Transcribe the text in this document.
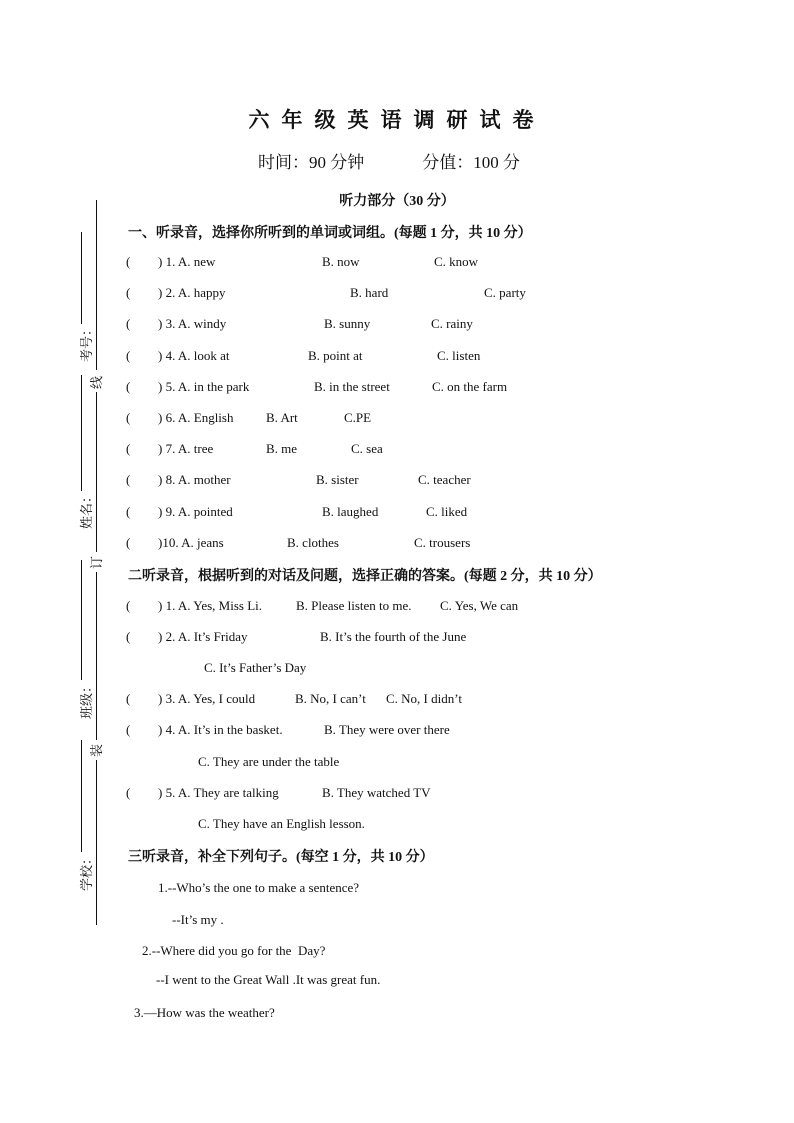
六年级英语调研试卷
时间：90 分钟	分值：100 分
听力部分（30 分）
考号：
线
姓名：
订
班级：
装
学校：
一、听录音，选择你所听到的单词或词组。(每题 1 分，共 10 分）
( ) 1. A. new	B. now	C. know
( ) 2. A. happy	B. hard	C. party
( ) 3. A. windy	B. sunny	C. rainy
( ) 4. A. look at	B. point at	C. listen
( ) 5. A. in the park	B. in the street	C. on the farm
( ) 6. A. English	B. Art	C.PE
( ) 7. A. tree	B. me	C. sea
( ) 8. A. mother	B. sister	C. teacher
( ) 9. A. pointed	B. laughed	C. liked
( )10. A. jeans	B. clothes	C. trousers
二听录音，根据听到的对话及问题，选择正确的答案。(每题 2 分，共 10 分）
( ) 1. A. Yes, Miss Li.	B. Please listen to me. C. Yes, We can
( ) 2. A. It’s Friday	B. It’s the fourth of the June
C. It’s Father’s Day
( ) 3. A. Yes, I could	B. No, I can’t C. No, I didn’t
( ) 4. A. It’s in the basket.	B. They were over there
C. They are under the table
( ) 5. A. They are talking	B. They watched TV
C. They have an English lesson.
三听录音，补全下列句子。(每空 1 分，共 10 分）
1.--Who’s the one to make a sentence?
--It’s my .
2.--Where did you go for the Day
?
--I went to the Great Wall .It was great fun.
3.—How was the weather
?
